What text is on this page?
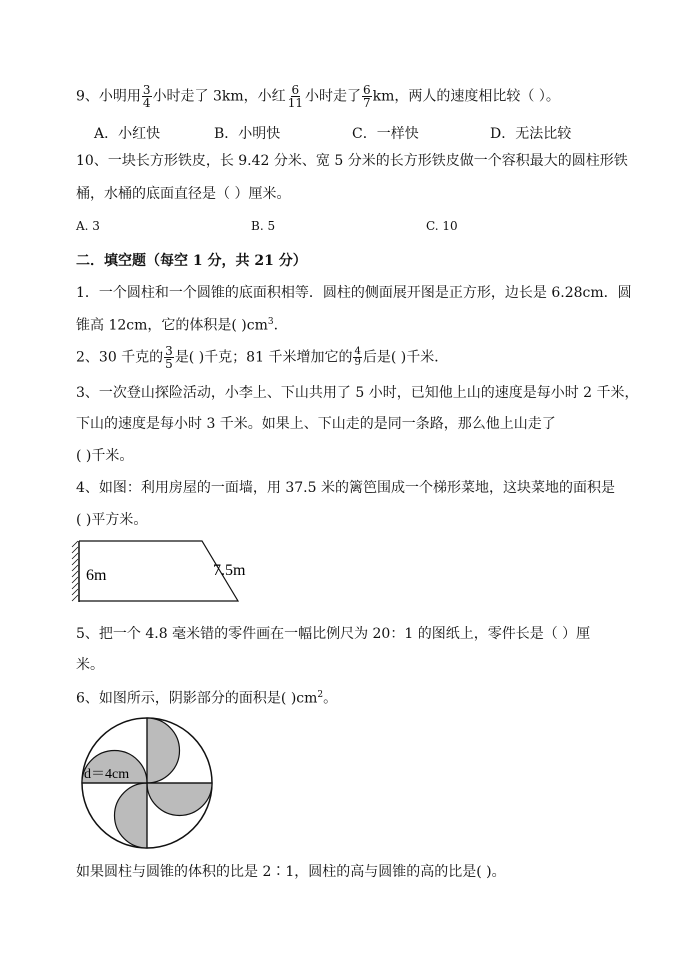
9、小明用 $\frac{3}{4}$ 小时走了 3km，小红 $\frac{6}{11}$ 小时走了 $\frac{6}{7}$ km，两人的速度相比较（ ）。
A．小红快	B．小明快	C．一样快	D．无法比较
10、一块长方形铁皮，长 9.42 分米、宽 5 分米的长方形铁皮做一个容积最大的圆柱形铁
桶，水桶的底面直径是（ ）厘米。
A. 3	B. 5	C. 10
二．填空题（每空 1 分，共 21 分）
1．一个圆柱和一个圆锥的底面积相等．圆柱的侧面展开图是正方形，边长是 6.28cm．圆
锥高 12cm，它的体积是( )$cm^3$.
2、30 千克的 $\frac{3}{5}$ 是( )千克；81 千米增加它的 $\frac{4}{9}$ 后是( )千米．
3、一次登山探险活动，小李上、下山共用了 5 小时，已知他上山的速度是每小时 2 千米，
下山的速度是每小时 3 千米。如果上、下山走的是同一条路，那么他上山走了
( )千米。
4、如图：利用房屋的一面墙，用 37.5 米的篱笆围成一个梯形菜地，这块菜地的面积是
( )平方米。
6m	7.5m
5、把一个 4.8 毫米错的零件画在一幅比例尺为 20：1 的图纸上，零件长是（ ）厘
米。
6、如图所示，阴影部分的面积是( )$cm^2$。
d＝4cm
如果圆柱与圆锥的体积的比是 2∶1，圆柱的高与圆锥的高的比是( )。
